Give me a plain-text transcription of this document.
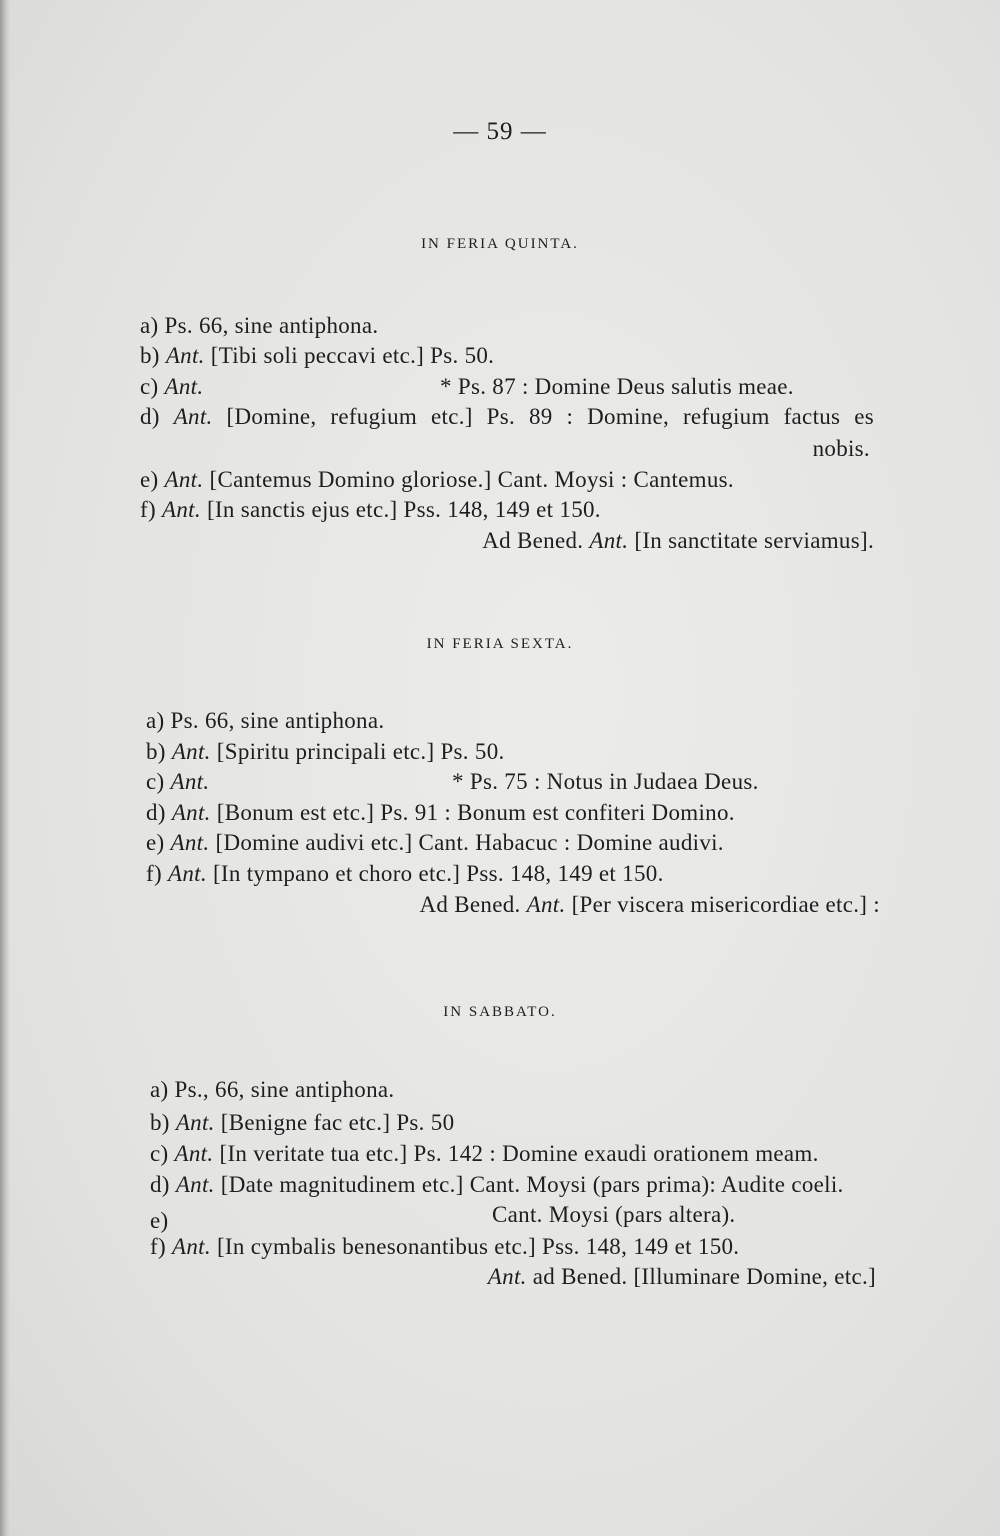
— 59 —
IN FERIA QUINTA.
a) Ps. 66, sine antiphona.
b) Ant. [Tibi soli peccavi etc.] Ps. 50.
c) Ant.	* Ps. 87 : Domine Deus salutis meae.
d) Ant. [Domine, refugium etc.] Ps. 89 : Domine, refugium factus es
nobis.
e) Ant. [Cantemus Domino gloriose.] Cant. Moysi : Cantemus.
f) Ant. [In sanctis ejus etc.] Pss. 148, 149 et 150.
Ad Bened. Ant. [In sanctitate serviamus].
IN FERIA SEXTA.
a) Ps. 66, sine antiphona.
b) Ant. [Spiritu principali etc.] Ps. 50.
c) Ant.	* Ps. 75 : Notus in Judaea Deus.
d) Ant. [Bonum est etc.] Ps. 91 : Bonum est confiteri Domino.
e) Ant. [Domine audivi etc.] Cant. Habacuc : Domine audivi.
f) Ant. [In tympano et choro etc.] Pss. 148, 149 et 150.
Ad Bened. Ant. [Per viscera misericordiae etc.] :
IN SABBATO.
a) Ps., 66, sine antiphona.
b) Ant. [Benigne fac etc.] Ps. 50
c) Ant. [In veritate tua etc.] Ps. 142 : Domine exaudi orationem meam.
d) Ant. [Date magnitudinem etc.] Cant. Moysi (pars prima): Audite coeli.
e)	Cant. Moysi (pars altera).
f) Ant. [In cymbalis benesonantibus etc.] Pss. 148, 149 et 150.
Ant. ad Bened. [Illuminare Domine, etc.]
